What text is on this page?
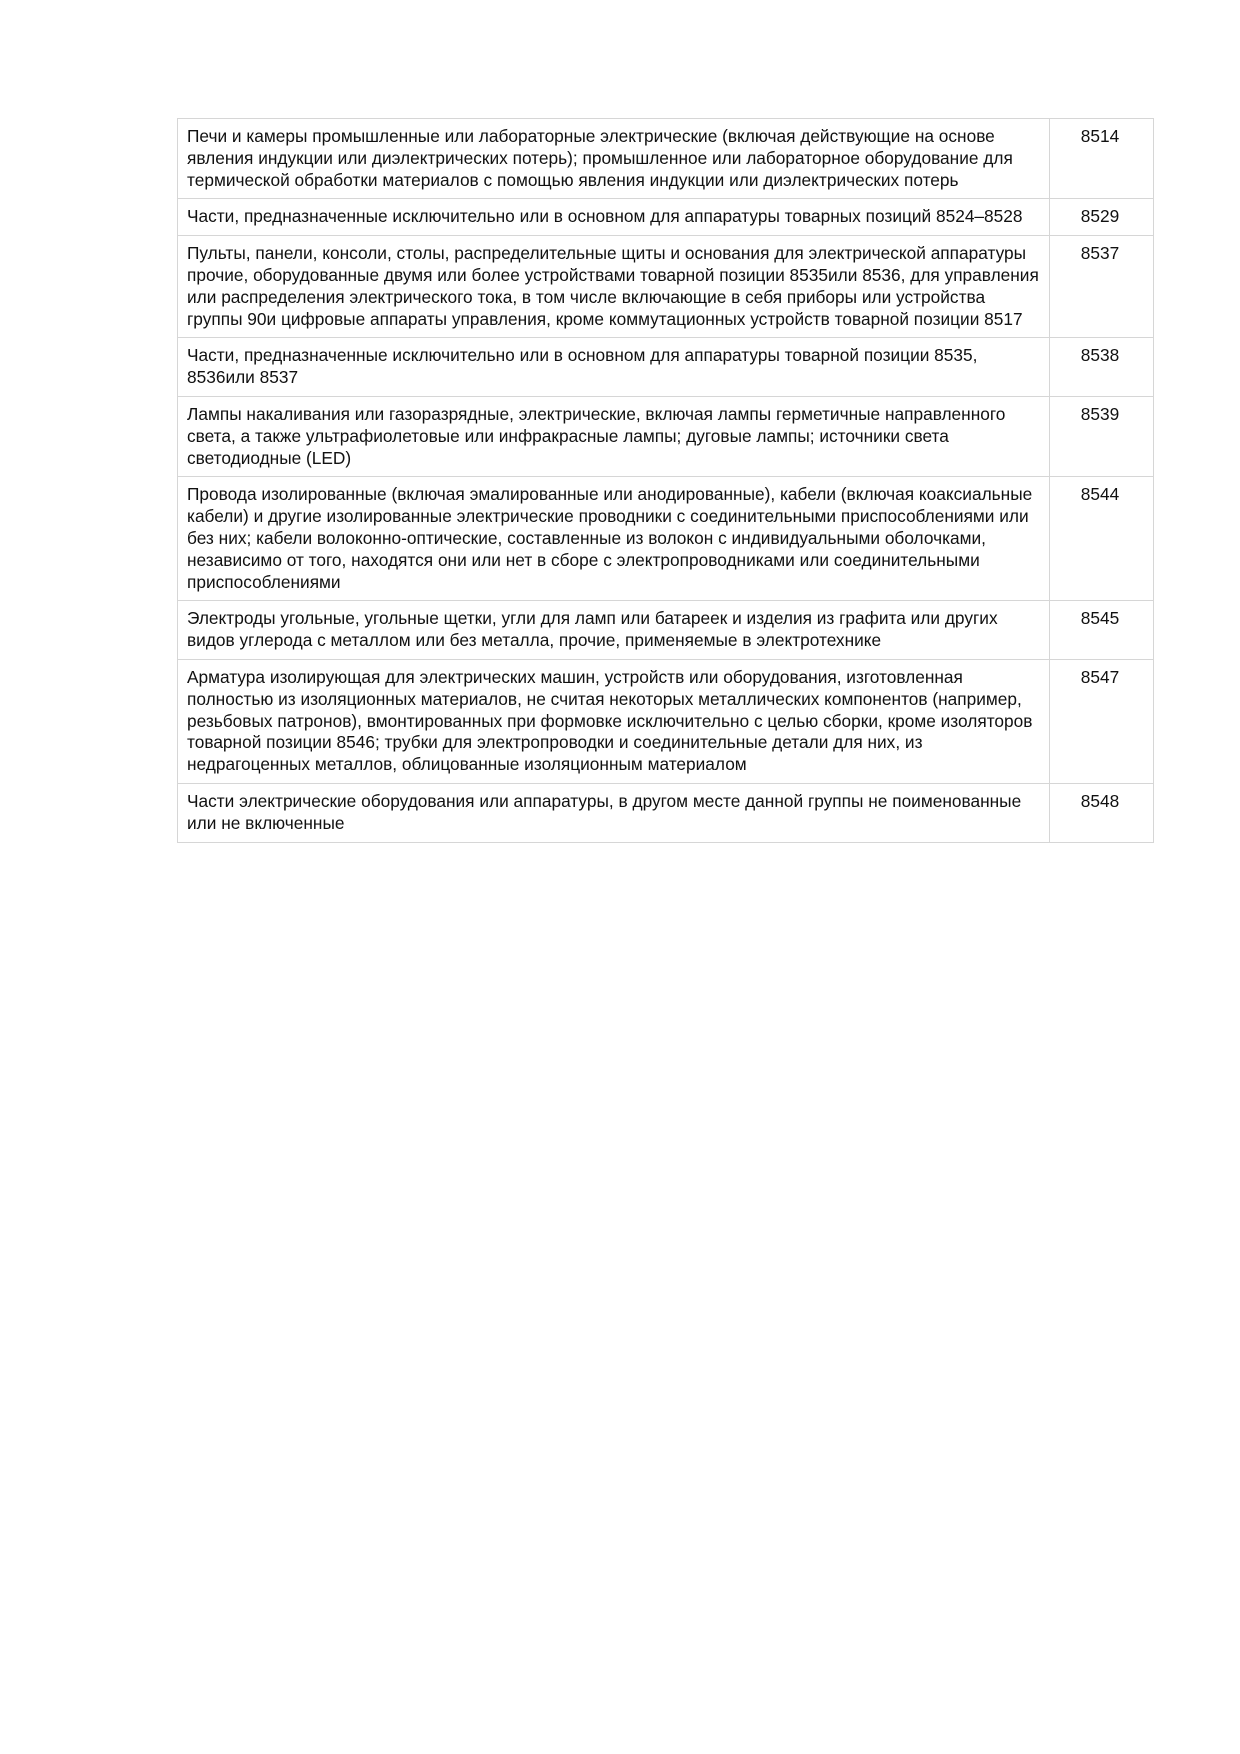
Печи и камеры промышленные или лабораторные электрические (включая действующие на основе явления индукции или диэлектрических потерь); промышленное или лабораторное оборудование для термической обработки материалов с помощью явления индукции или диэлектрических потерь	8514
Части, предназначенные исключительно или в основном для аппаратуры товарных позиций 8524–8528	8529
Пульты, панели, консоли, столы, распределительные щиты и основания для электрической аппаратуры прочие, оборудованные двумя или более устройствами товарной позиции 8535или 8536, для управления или распределения электрического тока, в том числе включающие в себя приборы или устройства группы 90и цифровые аппараты управления, кроме коммутационных устройств товарной позиции 8517	8537
Части, предназначенные исключительно или в основном для аппаратуры товарной позиции 8535, 8536или 8537	8538
Лампы накаливания или газоразрядные, электрические, включая лампы герметичные направленного света, а также ультрафиолетовые или инфракрасные лампы; дуговые лампы; источники света светодиодные (LED)	8539
Провода изолированные (включая эмалированные или анодированные), кабели (включая коаксиальные кабели) и другие изолированные электрические проводники с соединительными приспособлениями или без них; кабели волоконно-оптические, составленные из волокон с индивидуальными оболочками, независимо от того, находятся они или нет в сборе с электропроводниками или соединительными приспособлениями	8544
Электроды угольные, угольные щетки, угли для ламп или батареек и изделия из графита или других видов углерода с металлом или без металла, прочие, применяемые в электротехнике	8545
Арматура изолирующая для электрических машин, устройств или оборудования, изготовленная полностью из изоляционных материалов, не считая некоторых металлических компонентов (например, резьбовых патронов), вмонтированных при формовке исключительно с целью сборки, кроме изоляторов товарной позиции 8546; трубки для электропроводки и соединительные детали для них, из недрагоценных металлов, облицованные изоляционным материалом	8547
Части электрические оборудования или аппаратуры, в другом месте данной группы не поименованные или не включенные	8548
